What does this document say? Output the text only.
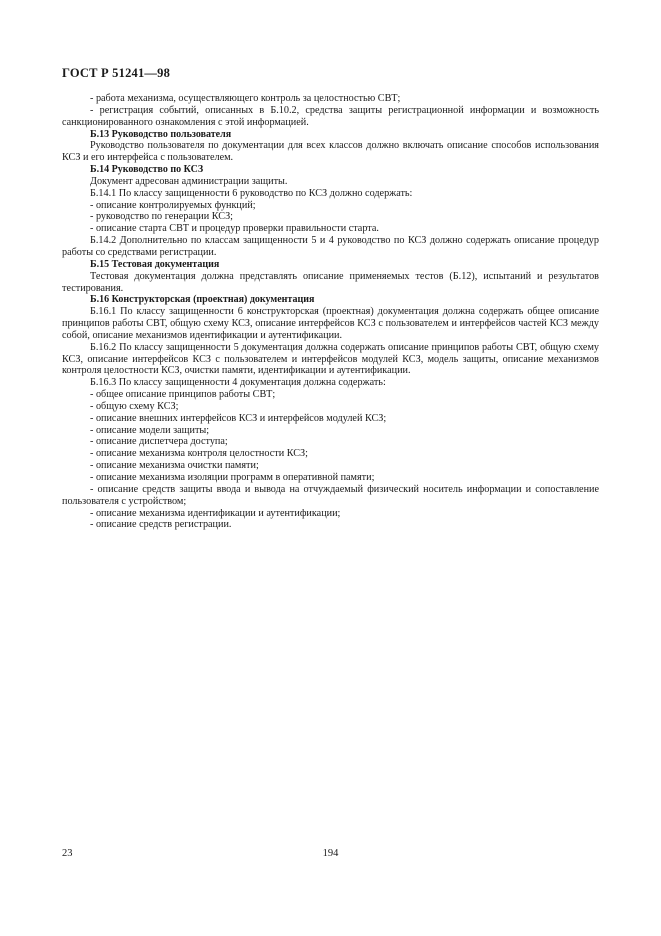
ГОСТ Р 51241—98

- работа механизма, осуществляющего контроль за целостностью СВТ;

- регистрация событий, описанных в Б.10.2, средства защиты регистрационной информации и возможность санкционированного ознакомления с этой информацией.

Б.13 Руководство пользователя

Руководство пользователя по документации для всех классов должно включать описание способов использования КСЗ и его интерфейса с пользователем.

Б.14 Руководство по КСЗ

Документ адресован администрации защиты.

Б.14.1 По классу защищенности 6 руководство по КСЗ должно содержать:

- описание контролируемых функций;

- руководство по генерации КСЗ;

- описание старта СВТ и процедур проверки правильности старта.

Б.14.2 Дополнительно по классам защищенности 5 и 4 руководство по КСЗ должно содержать описание процедур работы со средствами регистрации.

Б.15 Тестовая документация

Тестовая документация должна представлять описание применяемых тестов (Б.12), испытаний и результатов тестирования.

Б.16 Конструкторская (проектная) документация

Б.16.1 По классу защищенности 6 конструкторская (проектная) документация должна содержать общее описание принципов работы СВТ, общую схему КСЗ, описание интерфейсов КСЗ с пользователем и интерфейсов частей КСЗ между собой, описание механизмов идентификации и аутентификации.

Б.16.2 По классу защищенности 5 документация должна содержать описание принципов работы СВТ, общую схему КСЗ, описание интерфейсов КСЗ с пользователем и интерфейсов модулей КСЗ, модель защиты, описание механизмов контроля целостности КСЗ, очистки памяти, идентификации и аутентификации.

Б.16.3 По классу защищенности 4 документация должна содержать:

- общее описание принципов работы СВТ;

- общую схему КСЗ;

- описание внешних интерфейсов КСЗ и интерфейсов модулей КСЗ;

- описание модели защиты;

- описание диспетчера доступа;

- описание механизма контроля целостности КСЗ;

- описание механизма очистки памяти;

- описание механизма изоляции программ в оперативной памяти;

- описание средств защиты ввода и вывода на отчуждаемый физический носитель информации и сопоставление пользователя с устройством;

- описание механизма идентификации и аутентификации;

- описание средств регистрации.

23	194
